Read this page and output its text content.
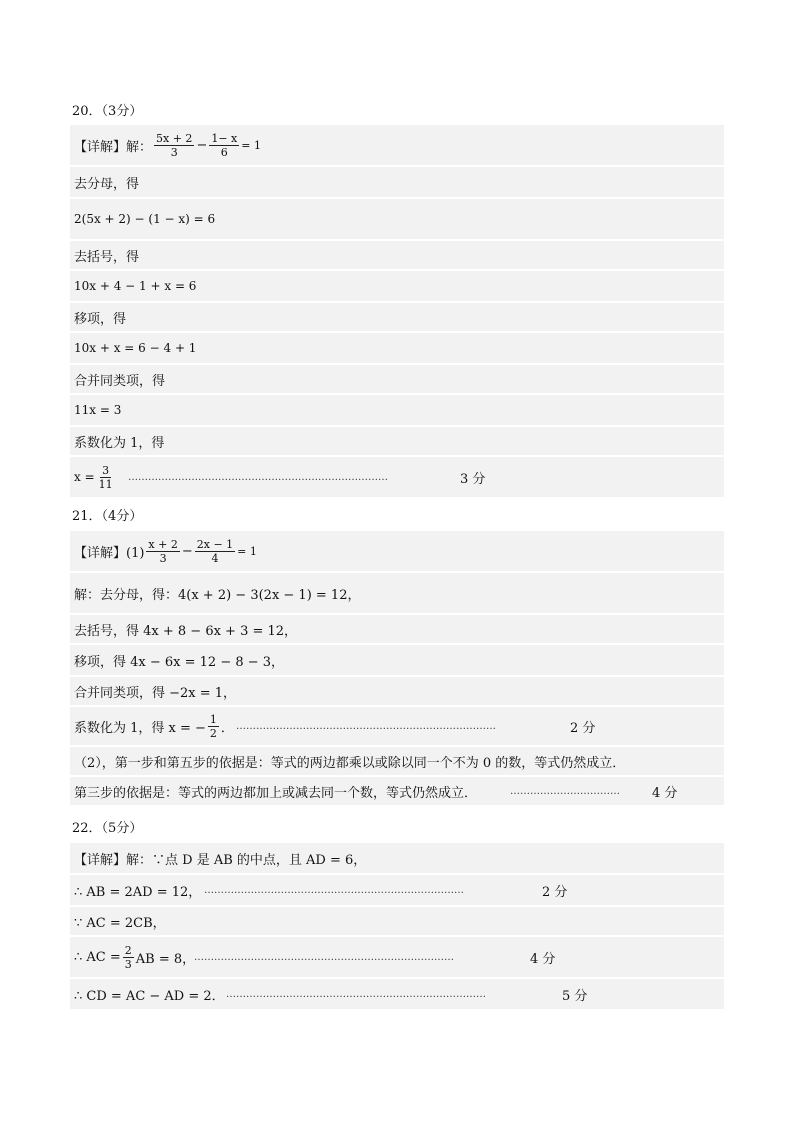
20．（3分）
【详解】解： $\frac{5x + 2}{3} - \frac{1- x}{6} = 1$
去分母，得
2(5x + 2) − (1 − x) = 6
去括号，得
10x + 4 − 1 + x = 6
移项，得
10x + x = 6 − 4 + 1
合并同类项，得
11x = 3
系数化为 1，得
$x = \frac{3}{11}$ ……………………………………………………………………	3 分
21．（4分）
【详解】$(1) \frac{x + 2}{3} - \frac{2x - 1}{4} = 1$
解：去分母，得：4(x + 2) − 3(2x − 1) = 12，
去括号，得 4x + 8 − 6x + 3 = 12，
移项，得 4x − 6x = 12 − 8 − 3，
合并同类项，得 −2x = 1，
系数化为 1，得 x = − $\frac{1}{2}$ ． ……………………………………………………………………	2 分
（2），第一步和第五步的依据是：等式的两边都乘以或除以同一个不为 0 的数，等式仍然成立．
第三步的依据是：等式的两边都加上或减去同一个数，等式仍然成立．	……………………………	4 分
22．（5分）
【详解】解：∵点 D 是 AB 的中点，且 AD = 6，
∴ AB = 2AD = 12， ……………………………………………………………………	2 分
∵ AC = 2CB，
∴ AC = $\frac{2}{3}$ AB = 8，
……………………………………………………………………	4 分
∴ CD = AC − AD = 2． ……………………………………………………………………	5 分
